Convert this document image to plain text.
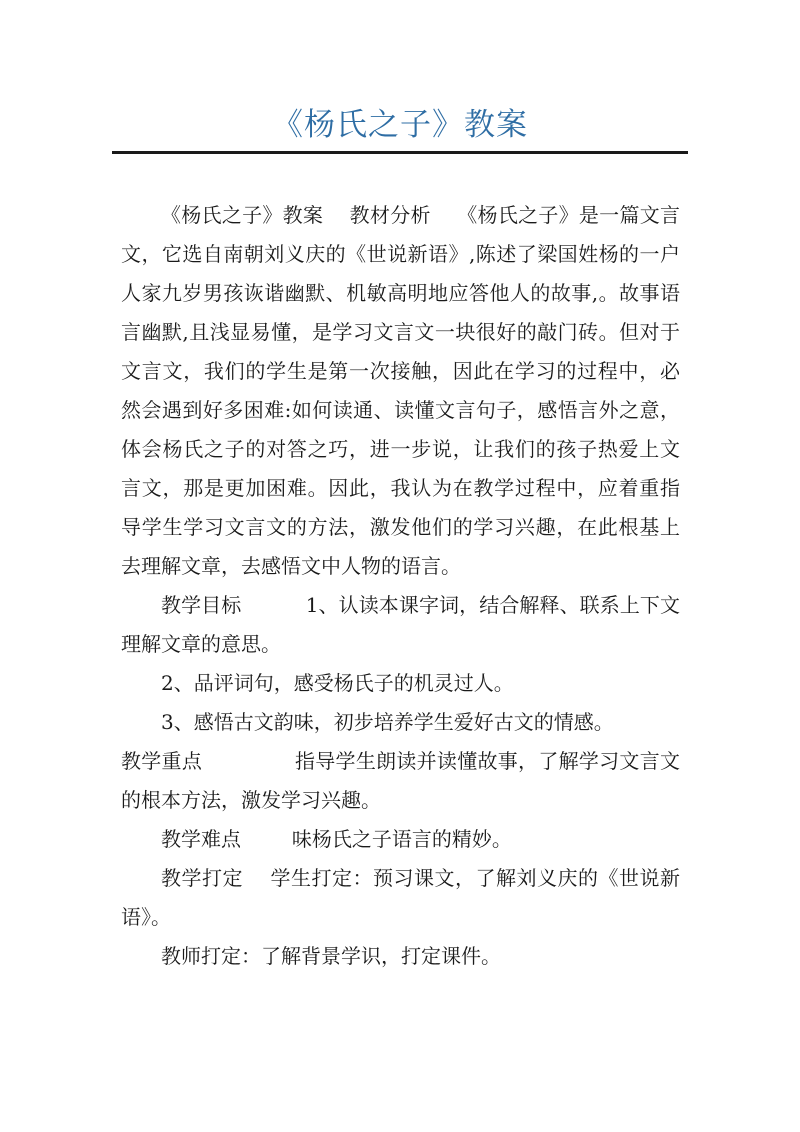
《杨氏之子》教案

《杨氏之子》教案    教材分析    《杨氏之子》是一篇文言文，它选自南朝刘义庆的《世说新语》,陈述了梁国姓杨的一户人家九岁男孩诙谐幽默、机敏高明地应答他人的故事,。故事语言幽默,且浅显易懂，是学习文言文一块很好的敲门砖。但对于文言文，我们的学生是第一次接触，因此在学习的过程中，必然会遇到好多困难:如何读通、读懂文言句子，感悟言外之意，体会杨氏之子的对答之巧，进一步说，让我们的孩子热爱上文言文，那是更加困难。因此，我认为在教学过程中，应着重指导学生学习文言文的方法，激发他们的学习兴趣，在此根基上去理解文章，去感悟文中人物的语言。

教学目标          1、认读本课字词，结合解释、联系上下文理解文章的意思。

2、品评词句，感受杨氏子的机灵过人。

3、感悟古文韵味，初步培养学生爱好古文的情感。

教学重点              指导学生朗读并读懂故事，了解学习文言文的根本方法，激发学习兴趣。

教学难点        味杨氏之子语言的精妙。

教学打定    学生打定：预习课文，了解刘义庆的《世说新语》。

教师打定：了解背景学识，打定课件。
